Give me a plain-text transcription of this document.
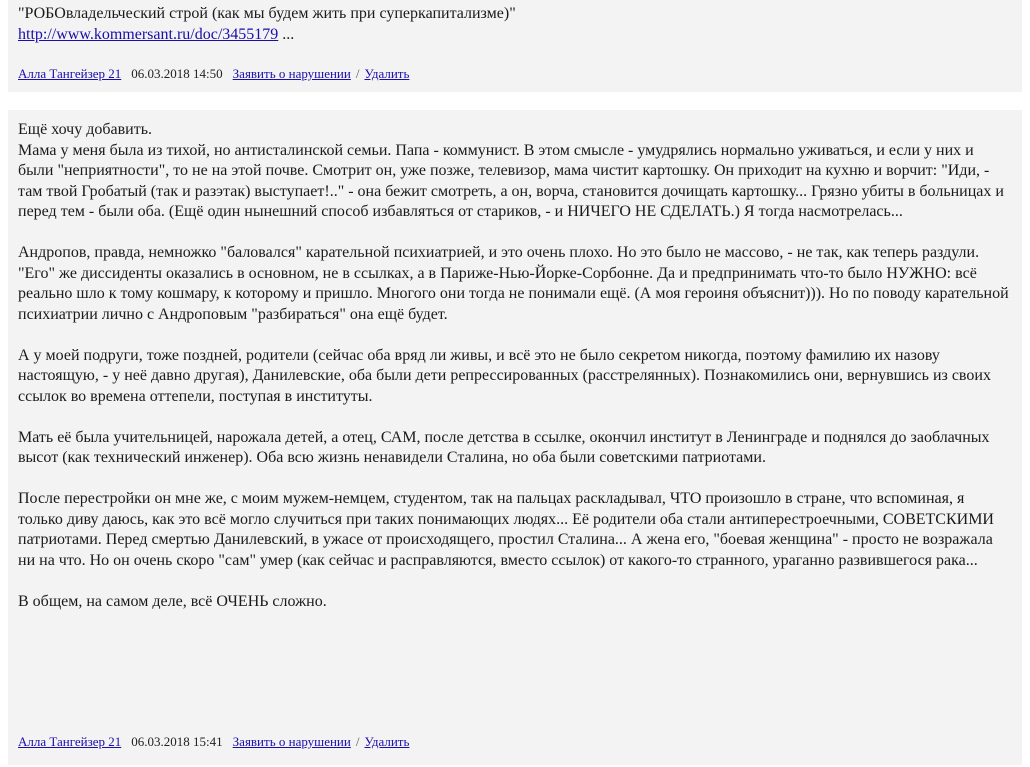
"РОБОвладельческий строй (как мы будем жить при суперкапитализме)"
http://www.kommersant.ru/doc/3455179 ...
Алла Тангейзер 21 06.03.2018 14:50 Заявить о нарушении / Удалить

Ещё хочу добавить.
Мама у меня была из тихой, но антисталинской семьи. Папа - коммунист. В этом смысле - умудрялись нормально уживаться, и если у них и были "неприятности", то не на этой почве. Смотрит он, уже позже, телевизор, мама чистит картошку. Он приходит на кухню и ворчит: "Иди, - там твой Гробатый (так и разэтак) выступает!.." - она бежит смотреть, а он, ворча, становится дочищать картошку... Грязно убиты в больницах и перед тем - были оба. (Ещё один нынешний способ избавляться от стариков, - и НИЧЕГО НЕ СДЕЛАТЬ.) Я тогда насмотрелась...

Андропов, правда, немножко "баловался" карательной психиатрией, и это очень плохо. Но это было не массово, - не так, как теперь раздули. "Его" же диссиденты оказались в основном, не в ссылках, а в Париже-Нью-Йорке-Сорбонне. Да и предпринимать что-то было НУЖНО: всё реально шло к тому кошмару, к которому и пришло. Многого они тогда не понимали ещё. (А моя героиня объяснит))). Но по поводу карательной психиатрии лично с Андроповым "разбираться" она ещё будет.

А у моей подруги, тоже поздней, родители (сейчас оба вряд ли живы, и всё это не было секретом никогда, поэтому фамилию их назову настоящую, - у неё давно другая), Данилевские, оба были дети репрессированных (расстрелянных). Познакомились они, вернувшись из своих ссылок во времена оттепели, поступая в институты.

Мать её была учительницей, нарожала детей, а отец, САМ, после детства в ссылке, окончил институт в Ленинграде и поднялся до заоблачных высот (как технический инженер). Оба всю жизнь ненавидели Сталина, но оба были советскими патриотами.

После перестройки он мне же, с моим мужем-немцем, студентом, так на пальцах раскладывал, ЧТО произошло в стране, что вспоминая, я только диву даюсь, как это всё могло случиться при таких понимающих людях... Её родители оба стали антиперестроечными, СОВЕТСКИМИ патриотами. Перед смертью Данилевский, в ужасе от происходящего, простил Сталина... А жена его, "боевая женщина" - просто не возражала ни на что. Но он очень скоро "сам" умер (как сейчас и расправляются, вместо ссылок) от какого-то странного, ураганно развившегося рака...

В общем, на самом деле, всё ОЧЕНЬ сложно.

Алла Тангейзер 21 06.03.2018 15:41 Заявить о нарушении / Удалить
